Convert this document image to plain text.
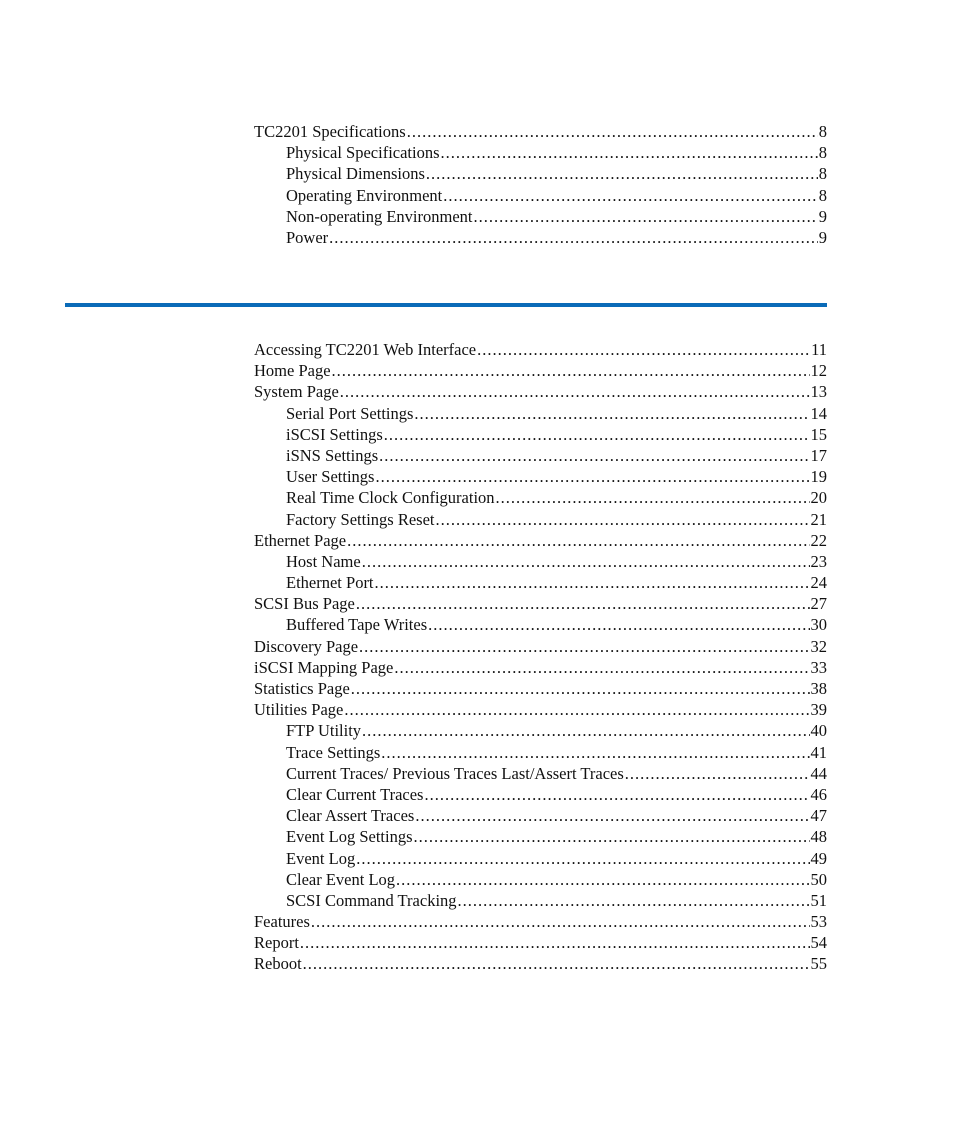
TC2201 Specifications .....	8
Physical Specifications .....	8
Physical Dimensions .....	8
Operating Environment .....	8
Non-operating Environment .....	9
Power .....	9
Accessing TC2201 Web Interface .....	11
Home Page .....	12
System Page .....	13
Serial Port Settings .....	14
iSCSI Settings .....	15
iSNS Settings .....	17
User Settings .....	19
Real Time Clock Configuration .....	20
Factory Settings Reset .....	21
Ethernet Page .....	22
Host Name .....	23
Ethernet Port .....	24
SCSI Bus Page .....	27
Buffered Tape Writes .....	30
Discovery Page .....	32
iSCSI Mapping Page .....	33
Statistics Page .....	38
Utilities Page .....	39
FTP Utility .....	40
Trace Settings .....	41
Current Traces/ Previous Traces Last/Assert Traces .....	44
Clear Current Traces .....	46
Clear Assert Traces .....	47
Event Log Settings .....	48
Event Log .....	49
Clear Event Log .....	50
SCSI Command Tracking .....	51
Features .....	53
Report .....	54
Reboot .....	55
